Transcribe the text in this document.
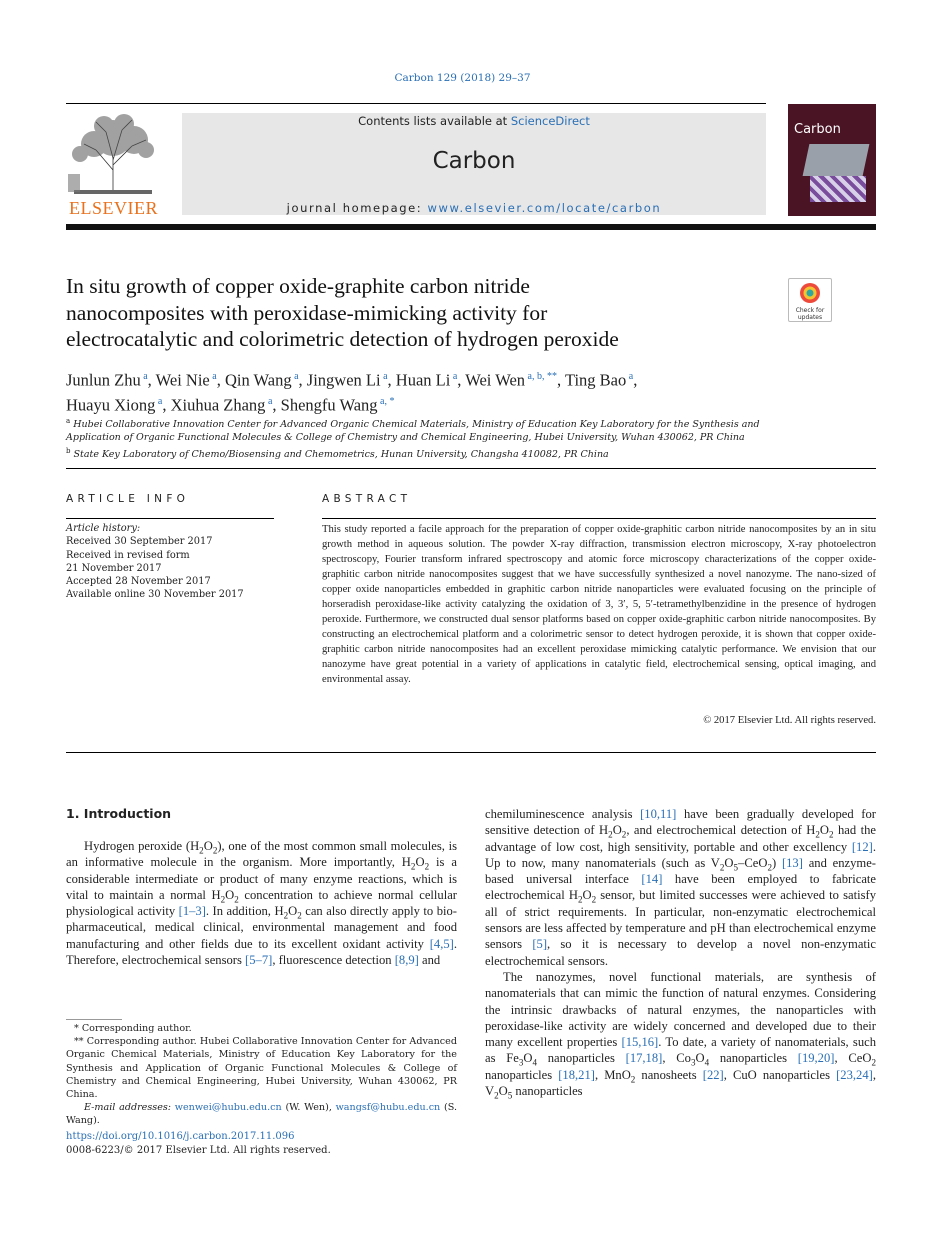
Carbon 129 (2018) 29–37
ELSEVIER
Contents lists available at ScienceDirect
Carbon
journal homepage: www.elsevier.com/locate/carbon
Carbon
In situ growth of copper oxide-graphite carbon nitride
nanocomposites with peroxidase-mimicking activity for
electrocatalytic and colorimetric detection of hydrogen peroxide
Check for
updates
Junlun Zhu $^a$, Wei Nie $^a$, Qin Wang $^a$, Jingwen Li $^a$, Huan Li $^a$, Wei Wen $^{a, b, **}$, Ting Bao $^a$,
Huayu Xiong $^a$, Xiuhua Zhang $^a$, Shengfu Wang $^{a, *}$
$^a$ Hubei Collaborative Innovation Center for Advanced Organic Chemical Materials, Ministry of Education Key Laboratory for the Synthesis and Application of Organic Functional Molecules & College of Chemistry and Chemical Engineering, Hubei University, Wuhan 430062, PR China
$^b$ State Key Laboratory of Chemo/Biosensing and Chemometrics, Hunan University, Changsha 410082, PR China
ARTICLE INFO
Article history:
Received 30 September 2017
Received in revised form
21 November 2017
Accepted 28 November 2017
Available online 30 November 2017
ABSTRACT
This study reported a facile approach for the preparation of copper oxide-graphitic carbon nitride nanocomposites by an in situ growth method in aqueous solution. The powder X-ray diffraction, transmission electron microscopy, X-ray photoelectron spectroscopy, Fourier transform infrared spectroscopy and atomic force microscopy characterizations of the copper oxide-graphitic carbon nitride nanocomposites suggest that we have successfully synthesized a novel nanozyme. The nano-sized of copper oxide nanoparticles embedded in graphitic carbon nitride nanoparticles were evaluated focusing on the principle of horseradish peroxidase-like activity catalyzing the oxidation of 3, 3′, 5, 5′-tetramethylbenzidine in the presence of hydrogen peroxide. Furthermore, we constructed dual sensor platforms based on copper oxide-graphitic carbon nitride nanocomposites. By constructing an electrochemical platform and a colorimetric sensor to detect hydrogen peroxide, it is shown that copper oxide-graphitic carbon nitride nanocomposites had an excellent peroxidase mimicking catalytic performance. We envision that our nanozyme have great potential in a variety of applications in catalytic field, electrochemical sensing, optical imaging, and environmental assay.
© 2017 Elsevier Ltd. All rights reserved.
1. Introduction

Hydrogen peroxide $(H_2O_2)$, one of the most common small molecules, is an informative molecule in the organism. More importantly, $H_2O_2$ is a considerable intermediate or product of many enzyme reactions, which is vital to maintain a normal $H_2O_2$ concentration to achieve normal cellular physiological activity [1–3]. In addition, $H_2O_2$ can also directly apply to bio-pharmaceutical, medical clinical, environmental management and food manufacturing and other fields due to its excellent oxidant activity [4,5]. Therefore, electrochemical sensors [5–7], fluorescence detection [8,9] and

chemiluminescence analysis [10,11] have been gradually developed for sensitive detection of $H_2O_2$, and electrochemical detection of $H_2O_2$ had the advantage of low cost, high sensitivity, portable and other excellency [12]. Up to now, many nanomaterials (such as $V_2O_5-CeO_2$) [13] and enzyme-based universal interface [14] have been employed to fabricate electrochemical $H_2O_2$ sensor, but limited successes were achieved to satisfy all of strict requirements. In particular, non-enzymatic electrochemical sensors are less affected by temperature and pH than electrochemical enzyme sensors [5], so it is necessary to develop a novel non-enzymatic electrochemical sensors.

The nanozymes, novel functional materials, are synthesis of nanomaterials that can mimic the function of natural enzymes. Considering the intrinsic drawbacks of natural enzymes, the nanoparticles with peroxidase-like activity are widely concerned and developed due to their many excellent properties [15,16]. To date, a variety of nanomaterials, such as $Fe_3O_4$ nanoparticles [17,18], $Co_3O_4$ nanoparticles [19,20], CeO$_2$ nanoparticles [18,21], MnO$_2$ nanosheets [22], CuO nanoparticles [23,24], $V_2O_5$ nanoparticles

* Corresponding author.

** Corresponding author. Hubei Collaborative Innovation Center for Advanced Organic Chemical Materials, Ministry of Education Key Laboratory for the Synthesis and Application of Organic Functional Molecules & College of Chemistry and Chemical Engineering, Hubei University, Wuhan 430062, PR China.

E-mail addresses: wenwei@hubu.edu.cn (W. Wen), wangsf@hubu.edu.cn (S. Wang).

https://doi.org/10.1016/j.carbon.2017.11.096
0008-6223/© 2017 Elsevier Ltd. All rights reserved.
